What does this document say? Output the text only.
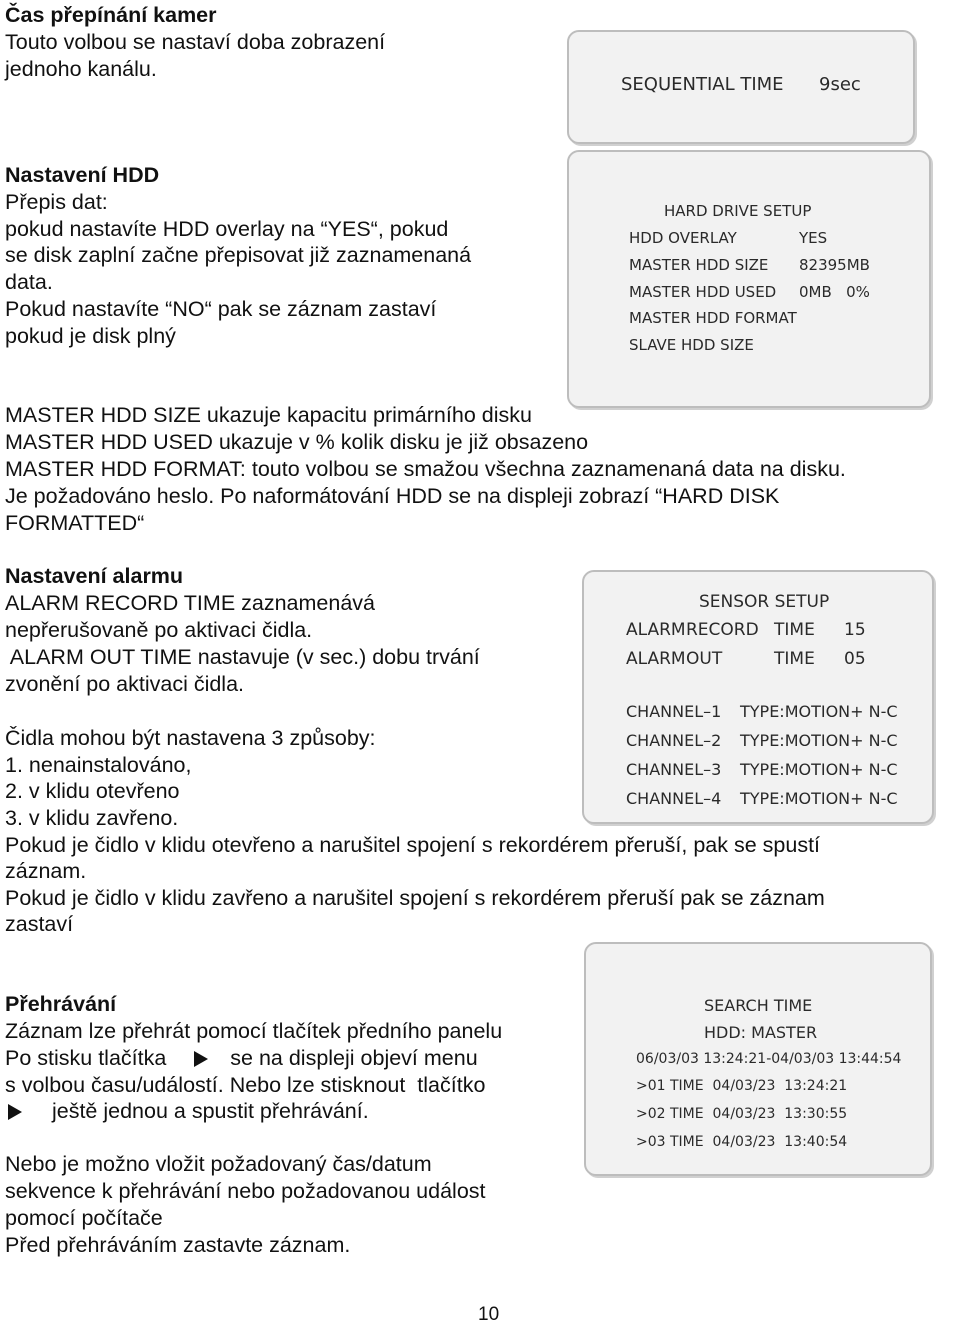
Čas přepínání kamer
Touto volbou se nastaví doba zobrazení
jednoho kanálu.
SEQUENTIAL TIME 9sec
Nastavení HDD
Přepis dat:
pokud nastavíte HDD overlay na “YES“, pokud
se disk zaplní začne přepisovat již zaznamenaná
data.
Pokud nastavíte “NO“ pak se záznam zastaví
pokud je disk plný
HARD DRIVE SETUP
HDD OVERLAY	YES
MASTER HDD SIZE 82395MB
MASTER HDD USED 0MB   0%
MASTER HDD FORMAT
SLAVE HDD SIZE
MASTER HDD SIZE ukazuje kapacitu primárního disku
MASTER HDD USED ukazuje v % kolik disku je již obsazeno
MASTER HDD FORMAT: touto volbou se smažou všechna zaznamenaná data na disku.
Je požadováno heslo. Po naformátování HDD se na displeji zobrazí “HARD DISK
FORMATTED“
Nastavení alarmu
ALARM RECORD TIME zaznamenává
nepřerušovaně po aktivaci čidla.
ALARM OUT TIME nastavuje (v sec.) dobu trvání
zvonění po aktivaci čidla.
Čidla mohou být nastavena 3 způsoby:
1. nenainstalováno,
2. v klidu otevřeno
3. v klidu zavřeno.
SENSOR SETUP
ALARM RECORD TIME 15
ALARM OUT	TIME 05
CHANNEL–1 TYPE:MOTION+ N-C
CHANNEL–2 TYPE:MOTION+ N-C
CHANNEL–3 TYPE:MOTION+ N-C
CHANNEL–4 TYPE:MOTION+ N-C
Pokud je čidlo v klidu otevřeno a narušitel spojení s rekordérem přeruší, pak se spustí
záznam.
Pokud je čidlo v klidu zavřeno a narušitel spojení s rekordérem přeruší pak se záznam
zastaví
Přehrávání
Záznam lze přehrát pomocí tlačítek předního panelu
Po stisku tlačítka	se na displeji objeví menu
s volbou času/událostí. Nebo lze stisknout  tlačítko
ještě jednou a spustit přehrávání.
SEARCH TIME
HDD: MASTER
06/03/03 13:24:21-04/03/03 13:44:54
>01 TIME  04/03/23  13:24:21
>02 TIME  04/03/23  13:30:55
>03 TIME  04/03/23  13:40:54
Nebo je možno vložit požadovaný čas/datum
sekvence k přehrávání nebo požadovanou událost
pomocí počítače
Před přehráváním zastavte záznam.
10
